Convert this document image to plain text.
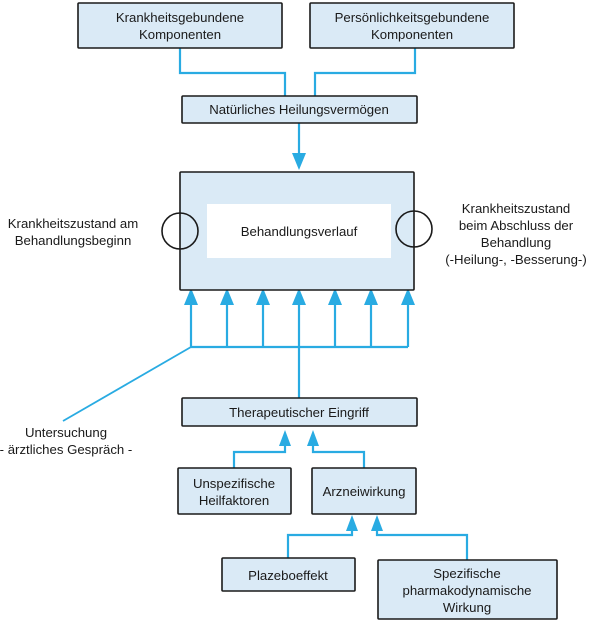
Krankheitsgebundene
Komponenten
Persönlichkeitsgebundene
Komponenten
Natürliches Heilungsvermögen
Behandlungsverlauf
Therapeutischer Eingriff
Unspezifische
Heilfaktoren
Arzneiwirkung
Plazeboeffekt	Spezifische
pharmakodynamische
Wirkung
Krankheitszustand am
Behandlungsbeginn
Krankheitszustand
beim Abschluss der
Behandlung
(-Heilung-, -Besserung-)
Untersuchung
- ärztliches Gespräch -
